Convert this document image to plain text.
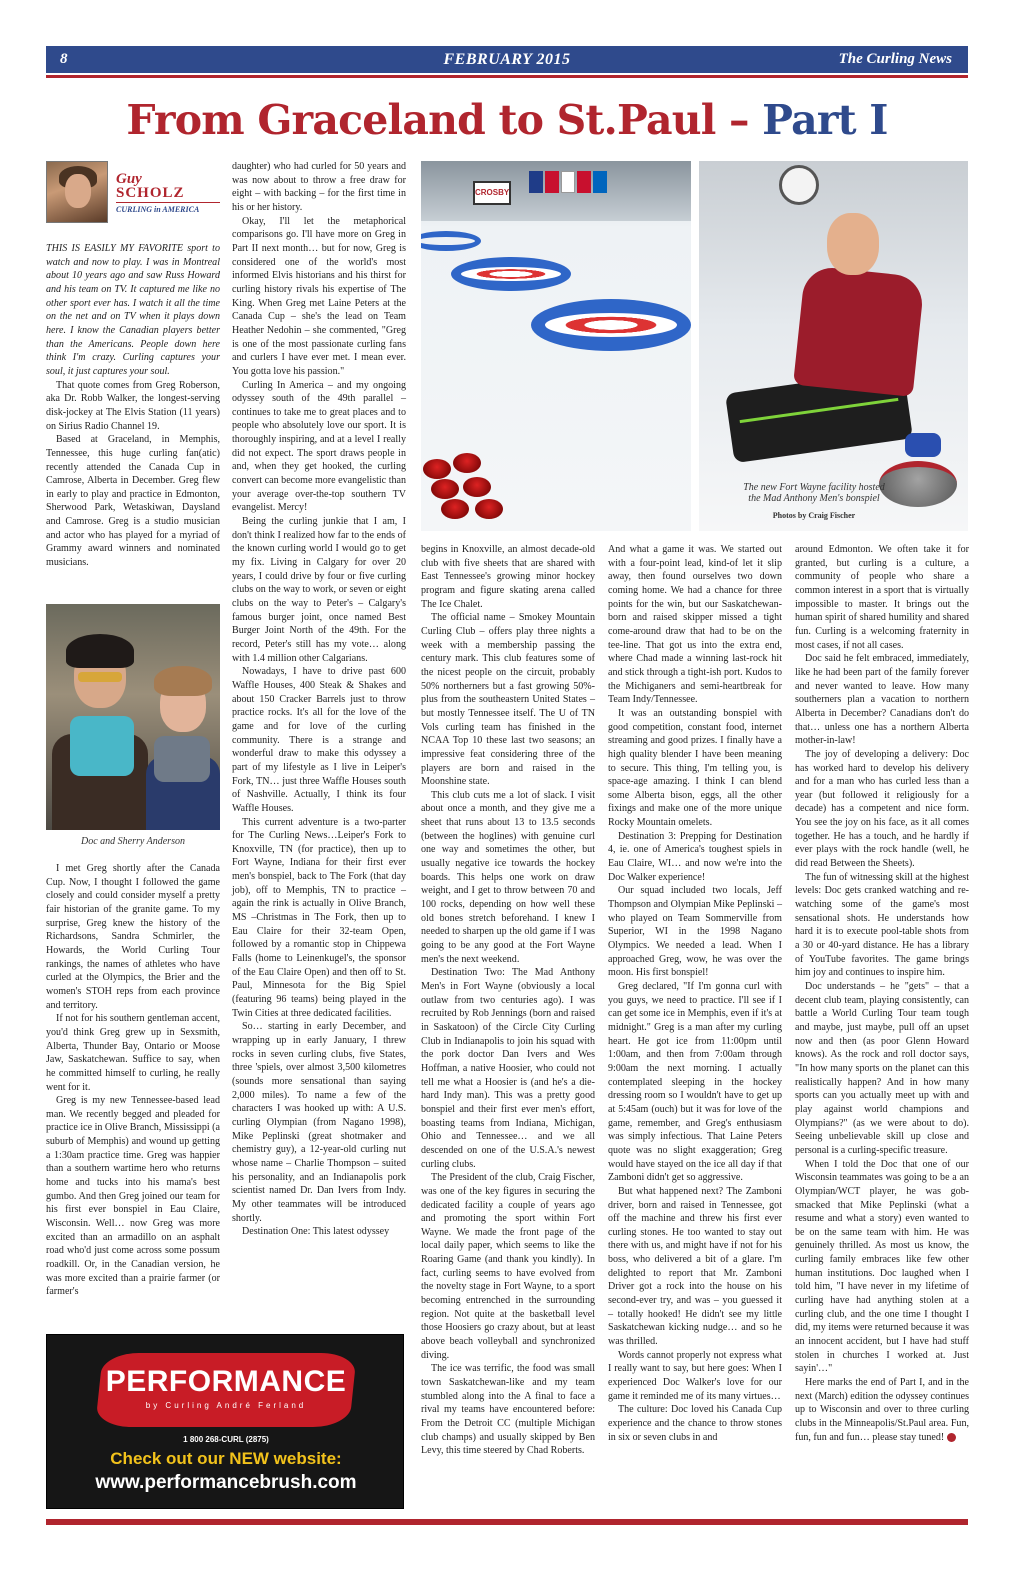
8	FEBRUARY 2015	The Curling News
From Graceland to St.Paul – Part I
Guy
SCHOLZ
CURLING in AMERICA

THIS IS EASILY MY FAVORITE sport to watch and now to play. I was in Montreal about 10 years ago and saw Russ Howard and his team on TV. It captured me like no other sport ever has. I watch it all the time on the net and on TV when it plays down here. I know the Canadian players better than the Americans. People down here think I'm crazy. Curling captures your soul, it just captures your soul.

That quote comes from Greg Roberson, aka Dr. Robb Walker, the longest-serving disk-jockey at The Elvis Station (11 years) on Sirius Radio Channel 19.

Based at Graceland, in Memphis, Tennessee, this huge curling fan(atic) recently attended the Canada Cup in Camrose, Alberta in December. Greg flew in early to play and practice in Edmonton, Sherwood Park, Wetaskiwan, Daysland and Camrose. Greg is a studio musician and actor who has played for a myriad of Grammy award winners and nominated musicians.

Doc and Sherry Anderson

I met Greg shortly after the Canada Cup. Now, I thought I followed the game closely and could consider myself a pretty fair historian of the granite game. To my surprise, Greg knew the history of the Richardsons, Sandra Schmirler, the Howards, the World Curling Tour rankings, the names of athletes who have curled at the Olympics, the Brier and the women's STOH reps from each province and territory.

If not for his southern gentleman accent, you'd think Greg grew up in Sexsmith, Alberta, Thunder Bay, Ontario or Moose Jaw, Saskatchewan. Suffice to say, when he committed himself to curling, he really went for it.

Greg is my new Tennessee-based lead man. We recently begged and pleaded for practice ice in Olive Branch, Mississippi (a suburb of Memphis) and wound up getting a 1:30am practice time. Greg was happier than a southern wartime hero who returns home and tucks into his mama's best gumbo. And then Greg joined our team for his first ever bonspiel in Eau Claire, Wisconsin. Well… now Greg was more excited than an armadillo on an asphalt road who'd just come across some possum roadkill. Or, in the Canadian version, he was more excited than a prairie farmer (or farmer's

daughter) who had curled for 50 years and was now about to throw a free draw for eight – with backing – for the first time in his or her history.

Okay, I'll let the metaphorical comparisons go. I'll have more on Greg in Part II next month… but for now, Greg is considered one of the world's most informed Elvis historians and his thirst for curling history rivals his expertise of The King. When Greg met Laine Peters at the Canada Cup – she's the lead on Team Heather Nedohin – she commented, "Greg is one of the most passionate curling fans and curlers I have ever met. I mean ever. You gotta love his passion."

Curling In America – and my ongoing odyssey south of the 49th parallel – continues to take me to great places and to people who absolutely love our sport. It is thoroughly inspiring, and at a level I really did not expect. The sport draws people in and, when they get hooked, the curling convert can become more evangelistic than your average over-the-top southern TV evangelist. Mercy!

Being the curling junkie that I am, I don't think I realized how far to the ends of the known curling world I would go to get my fix. Living in Calgary for over 20 years, I could drive by four or five curling clubs on the way to work, or seven or eight clubs on the way to Peter's – Calgary's famous burger joint, once named Best Burger Joint North of the 49th. For the record, Peter's still has my vote… along with 1.4 million other Calgarians.

Nowadays, I have to drive past 600 Waffle Houses, 400 Steak & Shakes and about 150 Cracker Barrels just to throw practice rocks. It's all for the love of the game and for love of the curling community. There is a strange and wonderful draw to make this odyssey a part of my lifestyle as I live in Leiper's Fork, TN… just three Waffle Houses south of Nashville. Actually, I think its four Waffle Houses.

This current adventure is a two-parter for The Curling News…Leiper's Fork to Knoxville, TN (for practice), then up to Fort Wayne, Indiana for their first ever men's bonspiel, back to The Fork (that day job), off to Memphis, TN to practice – again the rink is actually in Olive Branch, MS –Christmas in The Fork, then up to Eau Claire for their 32-team Open, followed by a romantic stop in Chippewa Falls (home to Leinenkugel's, the sponsor of the Eau Claire Open) and then off to St. Paul, Minnesota for the Big Spiel (featuring 96 teams) being played in the Twin Cities at three dedicated facilities.

So… starting in early December, and wrapping up in early January, I threw rocks in seven curling clubs, five States, three 'spiels, over almost 3,500 kilometres (sounds more sensational than saying 2,000 miles). To name a few of the characters I was hooked up with: A U.S. curling Olympian (from Nagano 1998), Mike Peplinski (great shotmaker and chemistry guy), a 12-year-old curling nut whose name – Charlie Thompson – suited his personality, and an Indianapolis pork scientist named Dr. Dan Ivers from Indy. My other teammates will be introduced shortly.

Destination One: This latest odyssey

CROSBY
The new Fort Wayne facility hosted
the Mad Anthony Men's bonspiel
Photos by Craig Fischer

begins in Knoxville, an almost decade-old club with five sheets that are shared with East Tennessee's growing minor hockey program and figure skating arena called The Ice Chalet.

The official name – Smokey Mountain Curling Club – offers play three nights a week with a membership passing the century mark. This club features some of the nicest people on the circuit, probably 50% northerners but a fast growing 50%-plus from the southeastern United States – but mostly Tennessee itself. The U of TN Vols curling team has finished in the NCAA Top 10 these last two seasons; an impressive feat considering three of the players are born and raised in the Moonshine state.

This club cuts me a lot of slack. I visit about once a month, and they give me a sheet that runs about 13 to 13.5 seconds (between the hoglines) with genuine curl one way and sometimes the other, but usually negative ice towards the hockey boards. This helps one work on draw weight, and I get to throw between 70 and 100 rocks, depending on how well these old bones stretch beforehand. I knew I needed to sharpen up the old game if I was going to be any good at the Fort Wayne men's the next weekend.

Destination Two: The Mad Anthony Men's in Fort Wayne (obviously a local outlaw from two centuries ago). I was recruited by Rob Jennings (born and raised in Saskatoon) of the Circle City Curling Club in Indianapolis to join his squad with the pork doctor Dan Ivers and Wes Hoffman, a native Hoosier, who could not tell me what a Hoosier is (and he's a die-hard Indy man). This was a pretty good bonspiel and their first ever men's effort, boasting teams from Indiana, Michigan, Ohio and Tennessee… and we all descended on one of the U.S.A.'s newest curling clubs.

The President of the club, Craig Fischer, was one of the key figures in securing the dedicated facility a couple of years ago and promoting the sport within Fort Wayne. We made the front page of the local daily paper, which seems to like the Roaring Game (and thank you kindly). In fact, curling seems to have evolved from the novelty stage in Fort Wayne, to a sport becoming entrenched in the surrounding region. Not quite at the basketball level those Hoosiers go crazy about, but at least above beach volleyball and synchronized diving.

The ice was terrific, the food was small town Saskatchewan-like and my team stumbled along into the A final to face a rival my teams have encountered before: From the Detroit CC (multiple Michigan club champs) and usually skipped by Ben Levy, this time steered by Chad Roberts.

And what a game it was. We started out with a four-point lead, kind-of let it slip away, then found ourselves two down coming home. We had a chance for three points for the win, but our Saskatchewan-born and raised skipper missed a tight come-around draw that had to be on the tee-line. That got us into the extra end, where Chad made a winning last-rock hit and stick through a tight-ish port. Kudos to the Michiganers and semi-heartbreak for Team Indy/Tennessee.

It was an outstanding bonspiel with good competition, constant food, internet streaming and good prizes. I finally have a high quality blender I have been meaning to secure. This thing, I'm telling you, is space-age amazing. I think I can blend some Alberta bison, eggs, all the other fixings and make one of the more unique Rocky Mountain omelets.

Destination 3: Prepping for Destination 4, ie. one of America's toughest spiels in Eau Claire, WI… and now we're into the Doc Walker experience!

Our squad included two locals, Jeff Thompson and Olympian Mike Peplinski – who played on Team Sommerville from Superior, WI in the 1998 Nagano Olympics. We needed a lead. When I approached Greg, wow, he was over the moon. His first bonspiel!

Greg declared, "If I'm gonna curl with you guys, we need to practice. I'll see if I can get some ice in Memphis, even if it's at midnight." Greg is a man after my curling heart. He got ice from 11:00pm until 1:00am, and then from 7:00am through 9:00am the next morning. I actually contemplated sleeping in the hockey dressing room so I wouldn't have to get up at 5:45am (ouch) but it was for love of the game, remember, and Greg's enthusiasm was simply infectious. That Laine Peters quote was no slight exaggeration; Greg would have stayed on the ice all day if that Zamboni didn't get so aggressive.

But what happened next? The Zamboni driver, born and raised in Tennessee, got off the machine and threw his first ever curling stones. He too wanted to stay out there with us, and might have if not for his boss, who delivered a bit of a glare. I'm delighted to report that Mr. Zamboni Driver got a rock into the house on his second-ever try, and was – you guessed it – totally hooked! He didn't see my little Saskatchewan kicking nudge… and so he was thrilled.

Words cannot properly not express what I really want to say, but here goes: When I experienced Doc Walker's love for our game it reminded me of its many virtues…

The culture: Doc loved his Canada Cup experience and the chance to throw stones in six or seven clubs in and

around Edmonton. We often take it for granted, but curling is a culture, a community of people who share a common interest in a sport that is virtually impossible to master. It brings out the human spirit of shared humility and shared fun. Curling is a welcoming fraternity in most cases, if not all cases.

Doc said he felt embraced, immediately, like he had been part of the family forever and never wanted to leave. How many southerners plan a vacation to northern Alberta in December? Canadians don't do that… unless one has a northern Alberta mother-in-law!

The joy of developing a delivery: Doc has worked hard to develop his delivery and for a man who has curled less than a year (but followed it religiously for a decade) has a competent and nice form. You see the joy on his face, as it all comes together. He has a touch, and he hardly if ever plays with the rock handle (well, he did read Between the Sheets).

The fun of witnessing skill at the highest levels: Doc gets cranked watching and re-watching some of the game's most sensational shots. He understands how hard it is to execute pool-table shots from a 30 or 40-yard distance. He has a library of YouTube favorites. The game brings him joy and continues to inspire him.

Doc understands – he "gets" – that a decent club team, playing consistently, can battle a World Curling Tour team tough and maybe, just maybe, pull off an upset now and then (as poor Glenn Howard knows). As the rock and roll doctor says, "In how many sports on the planet can this realistically happen? And in how many sports can you actually meet up with and play against world champions and Olympians?" (as we were about to do). Seeing unbelievable skill up close and personal is a curling-specific treasure.

When I told the Doc that one of our Wisconsin teammates was going to be a an Olympian/WCT player, he was gob-smacked that Mike Peplinski (what a resume and what a story) even wanted to be on the same team with him. He was genuinely thrilled. As most us know, the curling family embraces like few other human institutions. Doc laughed when I told him, "I have never in my lifetime of curling have had anything stolen at a curling club, and the one time I thought I did, my items were returned because it was an innocent accident, but I have had stuff stolen in churches I worked at. Just sayin'…"

Here marks the end of Part I, and in the next (March) edition the odyssey continues up to Wisconsin and over to three curling clubs in the Minneapolis/St.Paul area. Fun, fun, fun and fun… please stay tuned!

PERFORMANCE
by Curling André Ferland
1 800 268-CURL (2875)
Check out our NEW website:
www.performancebrush.com
